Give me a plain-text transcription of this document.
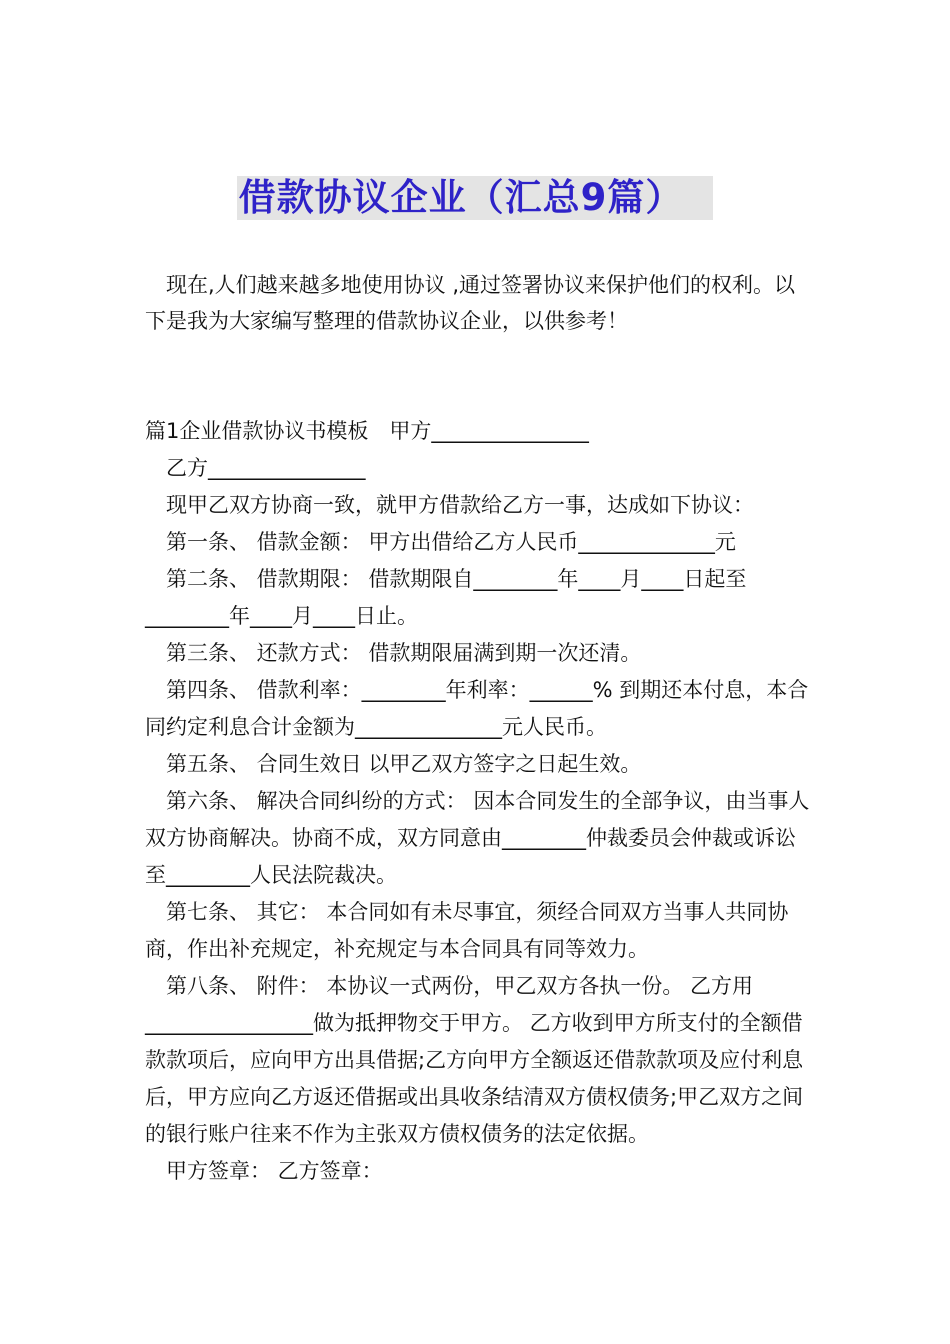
借款协议企业（汇总9篇）

现在,人们越来越多地使用协议 ,通过签署协议来保护他们的权利。以下是我为大家编写整理的借款协议企业，以供参考！

篇1企业借款协议书模板　甲方_______________

乙方_______________

现甲乙双方协商一致，就甲方借款给乙方一事，达成如下协议：

第一条、 借款金额： 甲方出借给乙方人民币_____________元

第二条、 借款期限： 借款期限自________年____月____日起至________年____月____日止。

第三条、 还款方式： 借款期限届满到期一次还清。

第四条、 借款利率：________年利率：______% 到期还本付息，本合同约定利息合计金额为______________元人民币。

第五条、 合同生效日 以甲乙双方签字之日起生效。

第六条、 解决合同纠纷的方式： 因本合同发生的全部争议，由当事人双方协商解决。协商不成，双方同意由________仲裁委员会仲裁或诉讼至________人民法院裁决。

第七条、 其它： 本合同如有未尽事宜，须经合同双方当事人共同协商，作出补充规定，补充规定与本合同具有同等效力。

第八条、 附件： 本协议一式两份，甲乙双方各执一份。 乙方用________________做为抵押物交于甲方。 乙方收到甲方所支付的全额借款款项后，应向甲方出具借据;乙方向甲方全额返还借款款项及应付利息后，甲方应向乙方返还借据或出具收条结清双方债权债务;甲乙双方之间的银行账户往来不作为主张双方债权债务的法定依据。

甲方签章： 乙方签章：
